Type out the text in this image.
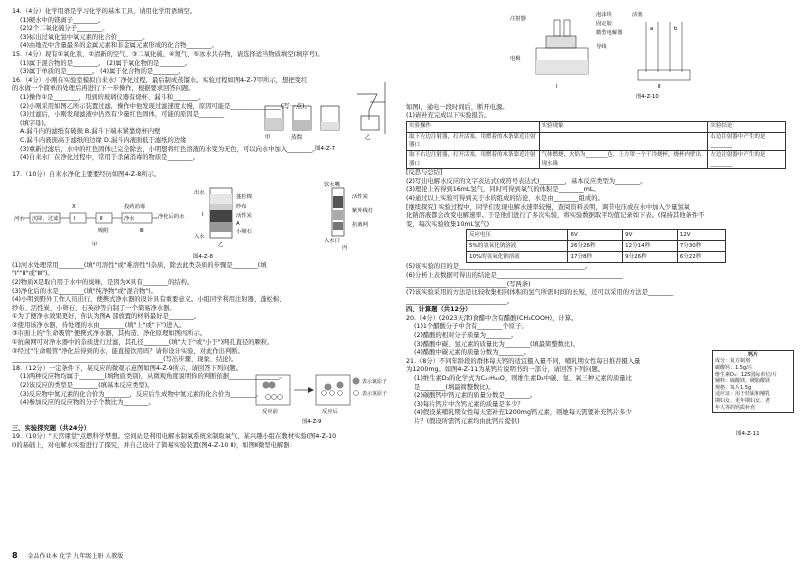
14.（4分）化学用语是学习化学的基本工具，请用化学用语填空。
(1)硬水中的镁离子________。
(2)2个二氧化硫分子________。
(3)标出过氧化氢中氧元素的化合价________。
(4)由地壳中含量最多的金属元素和非金属元素形成的化合物________。
15.（4分）现有①氧化汞、②清新的空气、③二氧化硫、④氮气、⑤冰水共存物，请选择适当物质填空(填序号)。
(1)属于混合物的是________。 (2)属于氧化物的是________。
(3)属于单质的是________。 (4)属于化合物的是________。
16.（4分）小刚在实验室模拟自来水厂净化过程，最后制成蒸馏水。实验过程如图4-Z-7甲所示，想把变红
的水做一个简单的处理后再进行下一步操作，根据要求回答问题。
(1)操作①是________，用到的玻璃仪器有烧杯、漏斗和________。
(2)小刚采用如图乙所示装置过滤，操作中他发现过滤速度太慢，原因可能是________________(写一点)。
(3)过滤后，小刚发现滤液中仍然有少量红色固体，可能的原因是________
(填字母)。
A.漏斗内的滤纸有破损 B.漏斗下端未紧靠烧杯内壁
C.漏斗内液面高于滤纸的边缘 D.漏斗内液面低于滤纸的边缘
(3)重新过滤后，水中的红色固体已完全除去，小明想将红色溶液的水变为无色，可以向水中加入________。
(4)自来水厂在净化过程中，常用于杀菌消毒的物质是________。
甲	乙
蒸馏
图4-Z-7
17.（10分）自来水净化主要要经历如图4-Z-8所示。
河水 沉降、过滤
X
Ⅰ	Ⅱ
吸附
净水
投药消毒
Ⅲ
净化后的水
甲
出水
入水
蓬松棉
纱布
活性炭
A
小卵石
乙
Ⅰ
饮水嘴
活性炭
紫外线灯
抗菌网
入水口
丙
图4-Z-8
(1)河水处理常用________(填"可溶性"或"难溶性")杂质，除去此类杂质的步骤是________(填
"Ⅰ""Ⅱ"或"Ⅲ")。
(2)物质X是取自用于水中的臭味，是因为X具有________的结构。
(3)净化后的水是________(填"纯净物"或"混合物")。
(4)小明到野外工作人员出行，便携式净水器的设计具有重要意义。小组同学利用注射器、蓬松棉、
纱布、活性炭、小卵石、石英砂等自制了一个简易净水器。
①为了便净水效果更好，你认为图A 部放置的材料最好是________。
②使用该净水器，待处理的水由________(填"上"或"下")进入。
③市面上的"生命吸管"便携式净水器，其构造、净化原理如图丙所示。
①抗菌网可对净水器中的杂质进行过滤，其孔径________(填"大于"或"小于")网孔直径的颗粒。
②经过"生命吸管"净化后得到的水，能直接饮用吗？请你设计实验，对此作出判断。
________________________________________________(写出步骤、现象、结论)。
18.（12分）一定条件下，某反应的微观示意图如图4-Z-9所示，请回答下列问题。
(1)两种反应物均属于________(填物质类别)，从微观角度说明你的判断依据________________。
(2)该反应的类型是________(填基本反应类型)。
(3)反应物中氮元素的化合价为________，反应后生成物中氮元素的化合价为________。
(4)参加反应的反应物的分子个数比为________。
反应前	反应后
表示氮原子
表示氢原子
图4-Z-9
三、实验探究题（共24分）
19.（10分）"天宫课堂"点燃科学梦想。空间站是利用电解水制氧系统来制取氧气，某兴趣小组在教材实验(图4-Z-10
Ⅰ)的基础上，对电解水实验进行了探究，并自己设计了简易实验装置(图4-Z-10 Ⅱ)，如图Ⅱ微型电解器：
注射器
泡沫块
固定胶
微型电解器
电极
导线
Ⅰ
活塞
a	b
Ⅱ
图4-Z-10
如图Ⅰ，通电一段时间后，断开电源。
(1)请补充完成以下实验报告。
实验操作	实验现象	实验结论
取下左边注射器，打开活塞，用燃着的木条靠近注射器口		右边注射器中产生的是________
取下右边注射器，打开活塞，用燃着的木条靠近注射器口	气体燃烧，火焰为________色，上方罩一个干冷烧杯，烧杯内壁出现水珠	左边注射器中产生的是________
[反思与总结]
(2)写出电解水反应的文字表达式(或符号表达式)________，基本反应类型为________。
(3)理论上若得到16mL氢气，同时可得到氧气的体积是________mL。
(4)通过以上实验可得到关于水的组成的结论，水是由________组成的。
[继续探究] 实验过程中，同学们发现电解水速率较慢，查阅资料表明，调节电压或在水中加入少量氢氧
化钠溶液都会改变电解速率。于是他们进行了多次实验，将实验数据取平均值记录如下表。(保持其他条件不
变，每次实验收集10mL氢气)
反应电压	6V	9V	12V
5%的氢氧化钠溶液	26分26秒	12分14秒	7分30秒
10%的氢氧化钠溶液	17分8秒	9分26秒	6分22秒
(5)该实验的目的是________________________________________。
(6)分析上表数据可得出的结论是________________________________________
________________________________(写两条)
(7)该实验采用的方法是比较收集相同体积的氢气所需时间的长短，还可以采用的方法是________
________________________________。
四、计算题（共12分）
20.（4分）(2023天津)食醋中含有醋酸(CH₃COOH)，计算。
(1)1个醋酸分子中含有________个原子。
(2)醋酸的相对分子质量为________。
(3)醋酸中碳、氢元素的质量比为________(填最简整数比)。
(4)醋酸中碳元素的质量分数为________。
21.（8分）不同年龄段的群体每天钙的适宜摄入量不同，哺乳期女性每日推荐摄入量
为1200mg。如图4-Z-11为某钙片说明书的一部分，请回答下列问题。
(1)维生素D₃的化学式为C₂₇H₄₄O，则维生素D₃中碳、氢、氧三种元素的质量比
是________(填最简整数比)。
(2)碳酸钙中钙元素的质量分数是________。
(3)每片钙片中含钙元素的质量是多少？
(4)假设某哺乳期女性每天需补充1200mg钙元素，则她每天需要补充钙片多少
片？(假设所需钙元素均由此钙片提供)
钙片
成分：复方制剂
碳酸钙：1.5g/片
维生素D₃：125国际单位/片
辅料：硫酸镁、硬脂酸镁
规格：每片1.5g
适应证：用于妊娠和哺乳
期妇女、更年期妇女、老
年人等的钙质补充
图4-Z-11
8 金品作业本 化学 九年级上册 人教版
